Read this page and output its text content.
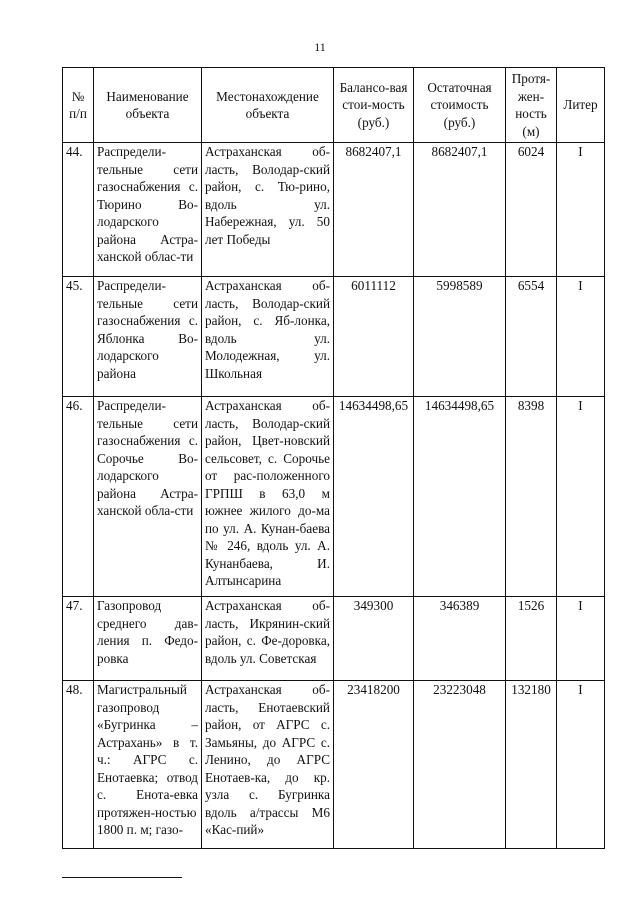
11
№ п/п	Наименование объекта	Местонахождение объекта	Балансо-вая стои-мость (руб.)	Остаточная стоимость (руб.)	Протя-жен-ность (м)	Литер
44.	Распредели-тельные сети газоснабжения с. Тюрино Во-лодарского района Астра-ханской облас-ти	Астраханская об-ласть, Володар-ский район, с. Тю-рино, вдоль ул. Набережная, ул. 50 лет Победы	8682407,1	8682407,1	6024	I
45.	Распредели-тельные сети газоснабжения с. Яблонка Во-лодарского района	Астраханская об-ласть, Володар-ский район, с. Яб-лонка, вдоль ул. Молодежная, ул. Школьная	6011112	5998589	6554	I
46.	Распредели-тельные сети газоснабжения с. Сорочье Во-лодарского района Астра-ханской обла-сти	Астраханская об-ласть, Володар-ский район, Цвет-новский сельсовет, с. Сорочье от рас-положенного ГРПШ в 63,0 м южнее жилого до-ма по ул. А. Кунан-баева № 246, вдоль ул. А. Кунанбаева, И. Алтынсарина	14634498,65	14634498,65	8398	I
47.	Газопровод среднего дав-ления п. Федо-ровка	Астраханская об-ласть, Икрянин-ский район, с. Фе-доровка, вдоль ул. Советская	349300	346389	1526	I
48.	Магистральный газопровод «Бугринка – Астрахань» в т. ч.: АГРС с. Енотаевка; отвод с. Енота-евка протяжен-ностью 1800 п. м; газо-	Астраханская об-ласть, Енотаевский район, от АГРС с. Замьяны, до АГРС с. Ленино, до АГРС Енотаев-ка, до кр. узла с. Бугринка вдоль а/трассы М6 «Кас-пий»	23418200	23223048	132180	I
